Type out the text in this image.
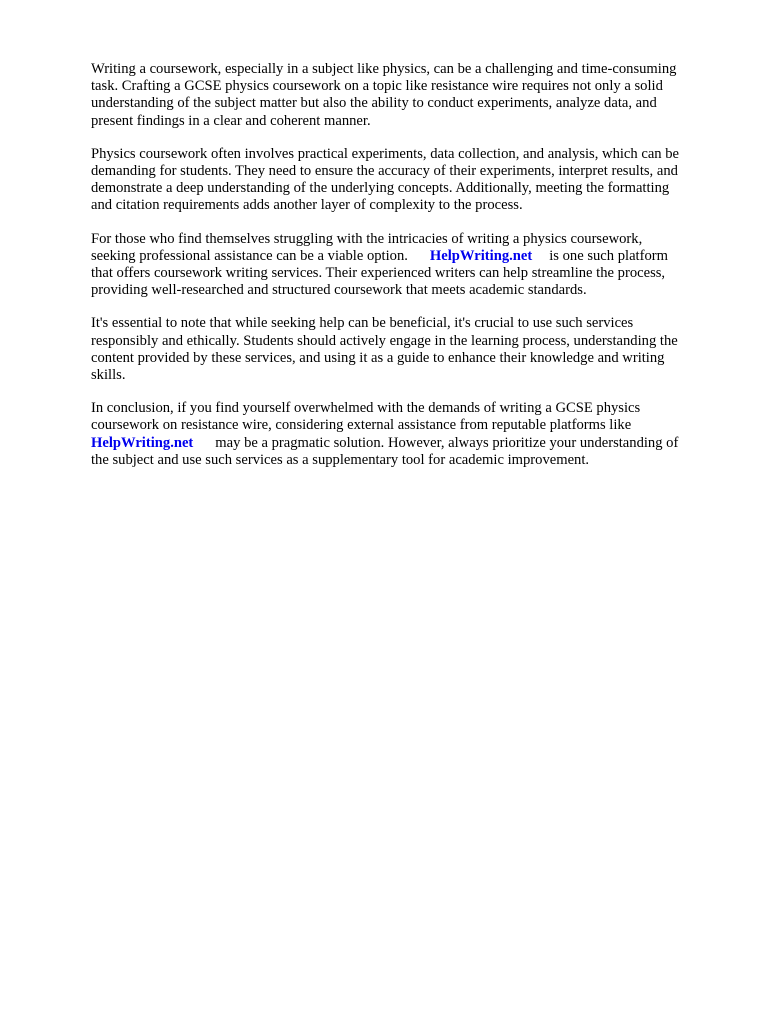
Writing a coursework, especially in a subject like physics, can be a challenging and time-consuming
task. Crafting a GCSE physics coursework on a topic like resistance wire requires not only a solid
understanding of the subject matter but also the ability to conduct experiments, analyze data, and
present findings in a clear and coherent manner.

Physics coursework often involves practical experiments, data collection, and analysis, which can be
demanding for students. They need to ensure the accuracy of their experiments, interpret results, and
demonstrate a deep understanding of the underlying concepts. Additionally, meeting the formatting
and citation requirements adds another layer of complexity to the process.

For those who find themselves struggling with the intricacies of writing a physics coursework,
seeking professional assistance can be a viable option. HelpWriting.net is one such platform
that offers coursework writing services. Their experienced writers can help streamline the process,
providing well-researched and structured coursework that meets academic standards.

It's essential to note that while seeking help can be beneficial, it's crucial to use such services
responsibly and ethically. Students should actively engage in the learning process, understanding the
content provided by these services, and using it as a guide to enhance their knowledge and writing
skills.

In conclusion, if you find yourself overwhelmed with the demands of writing a GCSE physics
coursework on resistance wire, considering external assistance from reputable platforms like
HelpWriting.net may be a pragmatic solution. However, always prioritize your understanding of
the subject and use such services as a supplementary tool for academic improvement.
